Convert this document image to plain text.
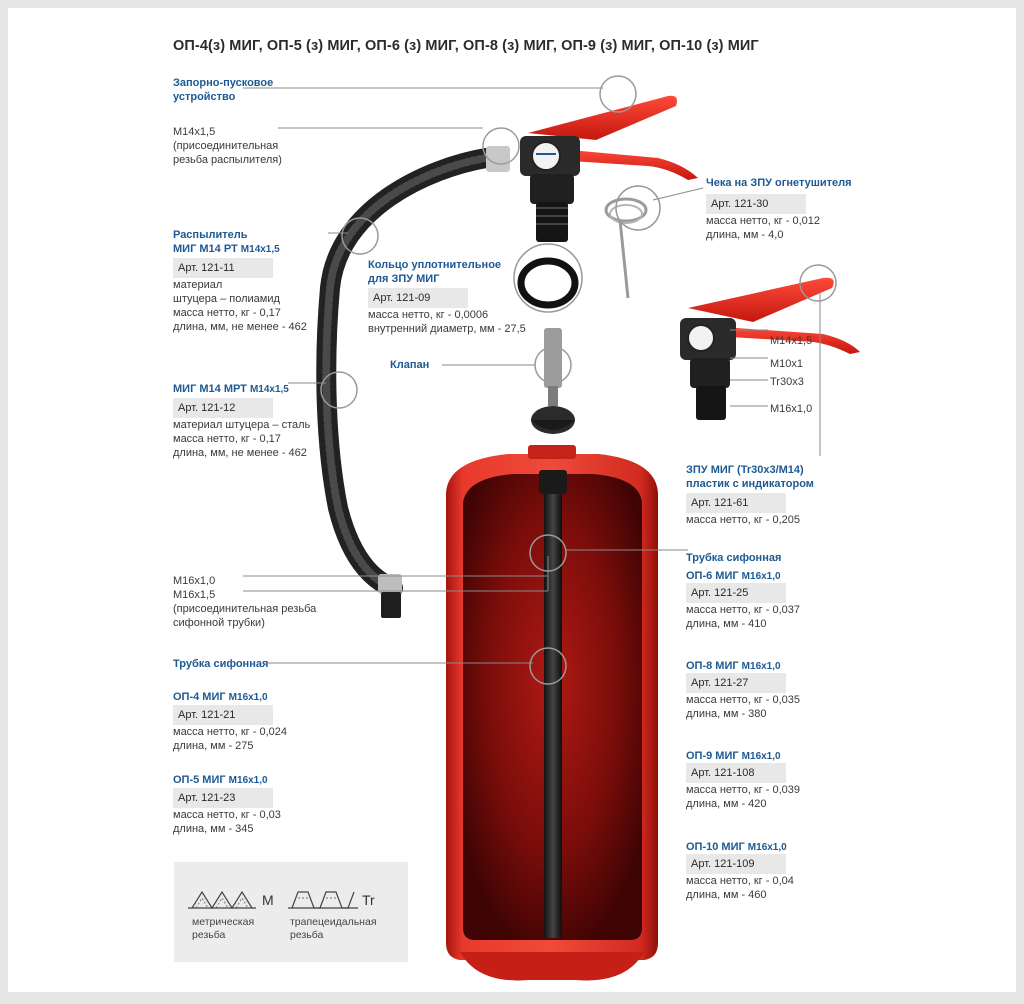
ОП-4(з) МИГ, ОП-5 (з) МИГ, ОП-6 (з) МИГ, ОП-8 (з) МИГ, ОП-9 (з) МИГ, ОП-10 (з) МИГ
Запорно-пусковое
устройство
М14х1,5
(присоединительная
резьба распылителя)
Распылитель
МИГ М14 РТ М14х1,5
Арт. 121-11
материал
штуцера – полиамид
масса нетто, кг - 0,17
длина, мм, не менее - 462
МИГ М14 МРТ М14х1,5
Арт. 121-12
материал штуцера – сталь
масса нетто, кг - 0,17
длина, мм, не менее - 462
М16х1,0
М16х1,5
(присоединительная резьба
сифонной трубки)
Трубка сифонная
ОП-4 МИГ М16х1,0
Арт. 121-21
масса нетто, кг - 0,024
длина, мм - 275
ОП-5 МИГ М16х1,0
Арт. 121-23
масса нетто, кг - 0,03
длина, мм - 345
Кольцо уплотнительное
для ЗПУ МИГ
Арт. 121-09
масса нетто, кг - 0,0006
внутренний диаметр, мм - 27,5
Клапан
Чека на ЗПУ огнетушителя
Арт. 121-30
масса нетто, кг - 0,012
длина, мм - 4,0
М14х1,5
М10х1
Tr30x3
М16х1,0
ЗПУ МИГ (Tr30x3/М14)
пластик с индикатором
Арт. 121-61
масса нетто, кг - 0,205
Трубка сифонная
ОП-6 МИГ М16х1,0
Арт. 121-25
масса нетто, кг - 0,037
длина, мм - 410
ОП-8 МИГ М16х1,0
Арт. 121-27
масса нетто, кг - 0,035
длина, мм - 380
ОП-9 МИГ М16х1,0
Арт. 121-108
масса нетто, кг - 0,039
длина, мм - 420
ОП-10 МИГ М16х1,0
Арт. 121-109
масса нетто, кг - 0,04
длина, мм - 460
М	Tr
метрическая
резьба
трапецеидальная
резьба
